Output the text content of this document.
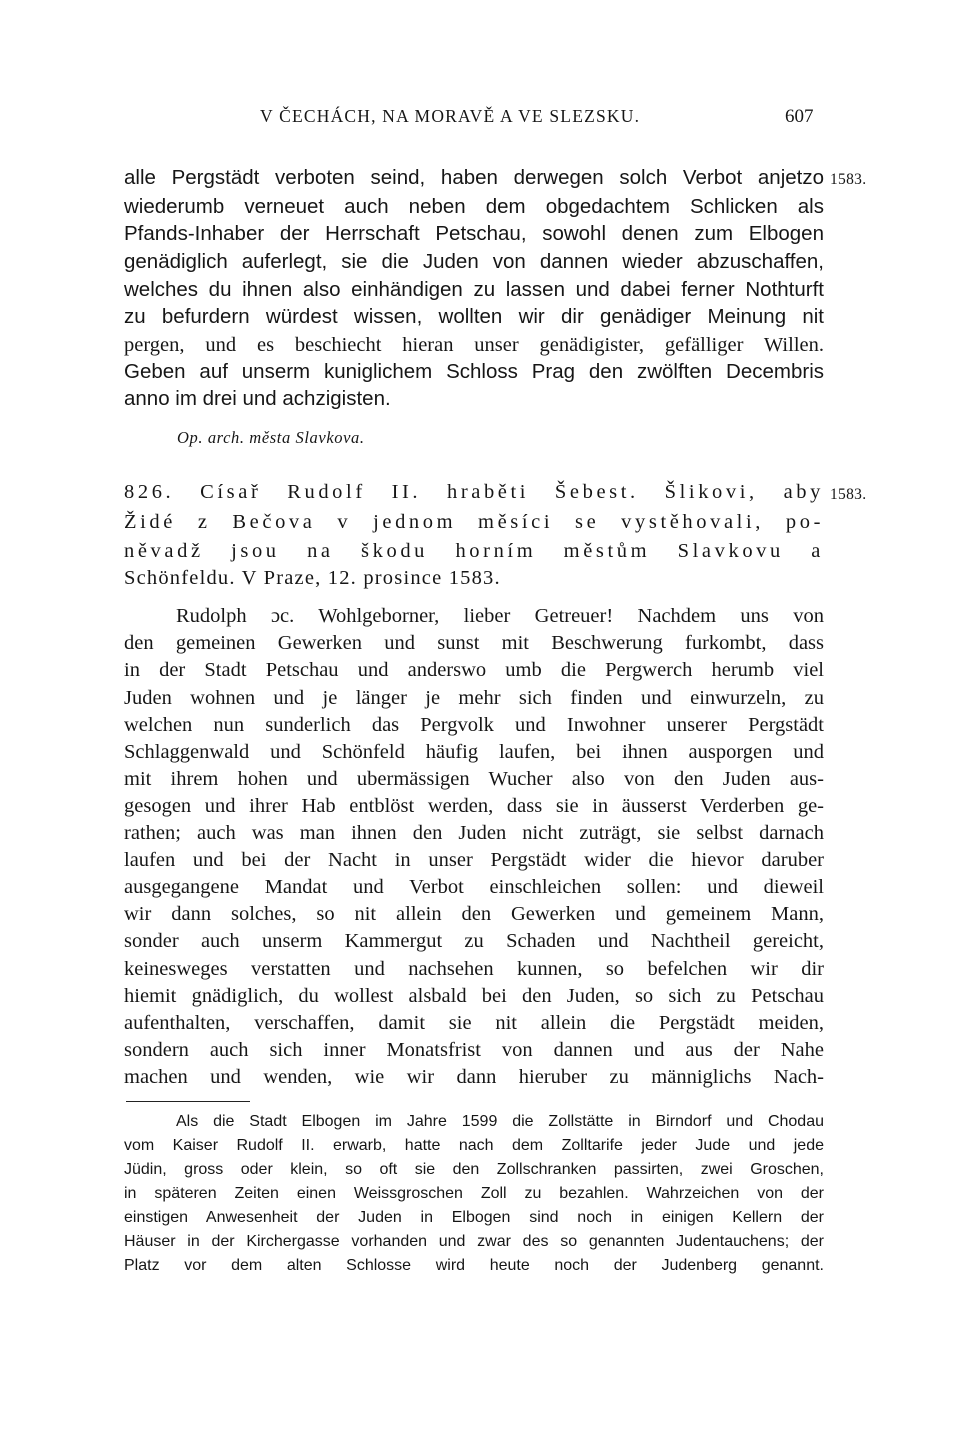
V ČECHÁCH, NA MORAVĚ A VE SLEZSKU.	607
alle Pergstädt verboten seind, haben derwegen solch Verbot anjetzo
wiederumb verneuet auch neben dem obgedachtem Schlicken als
Pfands-Inhaber der Herrschaft Petschau, sowohl denen zum Elbogen
genädiglich auferlegt, sie die Juden von dannen wieder abzuschaffen,
welches du ihnen also einhändigen zu lassen und dabei ferner Nothturft
zu befurdern würdest wissen, wollten wir dir genädiger Meinung nit
pergen, und es beschiecht hieran unser genädigister, gefälliger Willen.
Geben auf unserm kuniglichem Schloss Prag den zwölften Decembris
anno im drei und achzigisten.
1583.
Op. arch. města Slavkova.
826. Císař Rudolf II. hraběti Šebest. Šlikovi, aby
Židé z Bečova v jednom měsíci se vystěhovali, po-
něvadž jsou na škodu horním městům Slavkovu a
Schönfeldu. V Praze, 12. prosince 1583.
1583.
Rudolph ɔc. Wohlgeborner, lieber Getreuer! Nachdem uns von
den gemeinen Gewerken und sunst mit Beschwerung furkombt, dass
in der Stadt Petschau und anderswo umb die Pergwerch herumb viel
Juden wohnen und je länger je mehr sich finden und einwurzeln, zu
welchen nun sunderlich das Pergvolk und Inwohner unserer Pergstädt
Schlaggenwald und Schönfeld häufig laufen, bei ihnen ausporgen und
mit ihrem hohen und ubermässigen Wucher also von den Juden aus-
gesogen und ihrer Hab entblöst werden, dass sie in äusserst Verderben ge-
rathen; auch was man ihnen den Juden nicht zuträgt, sie selbst darnach
laufen und bei der Nacht in unser Pergstädt wider die hievor daruber
ausgegangene Mandat und Verbot einschleichen sollen: und dieweil
wir dann solches, so nit allein den Gewerken und gemeinem Mann,
sonder auch unserm Kammergut zu Schaden und Nachtheil gereicht,
keinesweges verstatten und nachsehen kunnen, so befelchen wir dir
hiemit gnädiglich, du wollest alsbald bei den Juden, so sich zu Petschau
aufenthalten, verschaffen, damit sie nit allein die Pergstädt meiden,
sondern auch sich inner Monatsfrist von dannen und aus der Nahe
machen und wenden, wie wir dann hieruber zu männiglichs Nach-
Als die Stadt Elbogen im Jahre 1599 die Zollstätte in Birndorf und Chodau
vom Kaiser Rudolf II. erwarb, hatte nach dem Zolltarife jeder Jude und jede
Jüdin, gross oder klein, so oft sie den Zollschranken passirten, zwei Groschen,
in späteren Zeiten einen Weissgroschen Zoll zu bezahlen. Wahrzeichen von der
einstigen Anwesenheit der Juden in Elbogen sind noch in einigen Kellern der
Häuser in der Kirchergasse vorhanden und zwar des so genannten Judentauchens; der
Platz vor dem alten Schlosse wird heute noch der Judenberg genannt.
